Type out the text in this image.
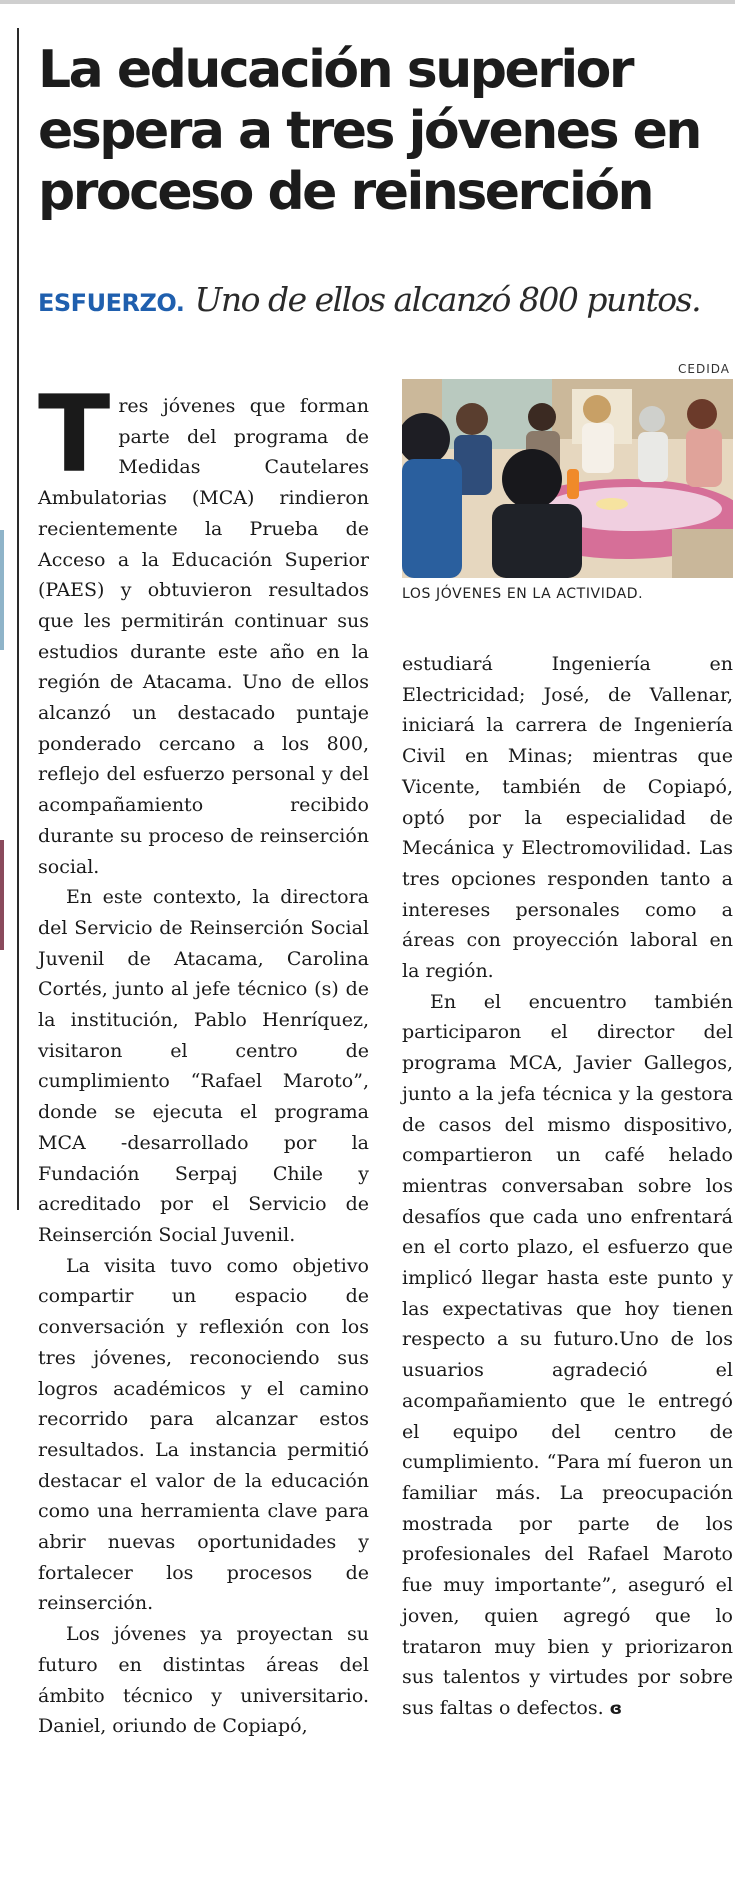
La educación superior espera a tres jóvenes en proceso de reinserción
ESFUERZO. Uno de ellos alcanzó 800 puntos.
CEDIDA
LOS JÓVENES EN LA ACTIVIDAD.

Tres jóvenes que forman parte del programa de Medidas Cautelares Ambulatorias (MCA) rindieron recientemente la Prueba de Acceso a la Educación Superior (PAES) y obtuvieron resultados que les permitirán continuar sus estudios durante este año en la región de Atacama. Uno de ellos alcanzó un destacado puntaje ponderado cercano a los 800, reflejo del esfuerzo personal y del acompañamiento recibido durante su proceso de reinserción social.

En este contexto, la directora del Servicio de Reinserción Social Juvenil de Atacama, Carolina Cortés, junto al jefe técnico (s) de la institución, Pablo Henríquez, visitaron el centro de cumplimiento “Rafael Maroto”, donde se ejecuta el programa MCA -desarrollado por la Fundación Serpaj Chile y acreditado por el Servicio de Reinserción Social Juvenil.

La visita tuvo como objetivo compartir un espacio de conversación y reflexión con los tres jóvenes, reconociendo sus logros académicos y el camino recorrido para alcanzar estos resultados. La instancia permitió destacar el valor de la educación como una herramienta clave para abrir nuevas oportunidades y fortalecer los procesos de reinserción.

Los jóvenes ya proyectan su futuro en distintas áreas del ámbito técnico y universitario. Daniel, oriundo de Copiapó,

estudiará Ingeniería en Electricidad; José, de Vallenar, iniciará la carrera de Ingeniería Civil en Minas; mientras que Vicente, también de Copiapó, optó por la especialidad de Mecánica y Electromovilidad. Las tres opciones responden tanto a intereses personales como a áreas con proyección laboral en la región.

En el encuentro también participaron el director del programa MCA, Javier Gallegos, junto a la jefa técnica y la gestora de casos del mismo dispositivo, compartieron un café helado mientras conversaban sobre los desafíos que cada uno enfrentará en el corto plazo, el esfuerzo que implicó llegar hasta este punto y las expectativas que hoy tienen respecto a su futuro.Uno de los usuarios agradeció el acompañamiento que le entregó el equipo del centro de cumplimiento. “Para mí fueron un familiar más. La preocupación mostrada por parte de los profesionales del Rafael Maroto fue muy importante”, aseguró el joven, quien agregó que lo trataron muy bien y priorizaron sus talentos y virtudes por sobre sus faltas o defectos. ɞ
